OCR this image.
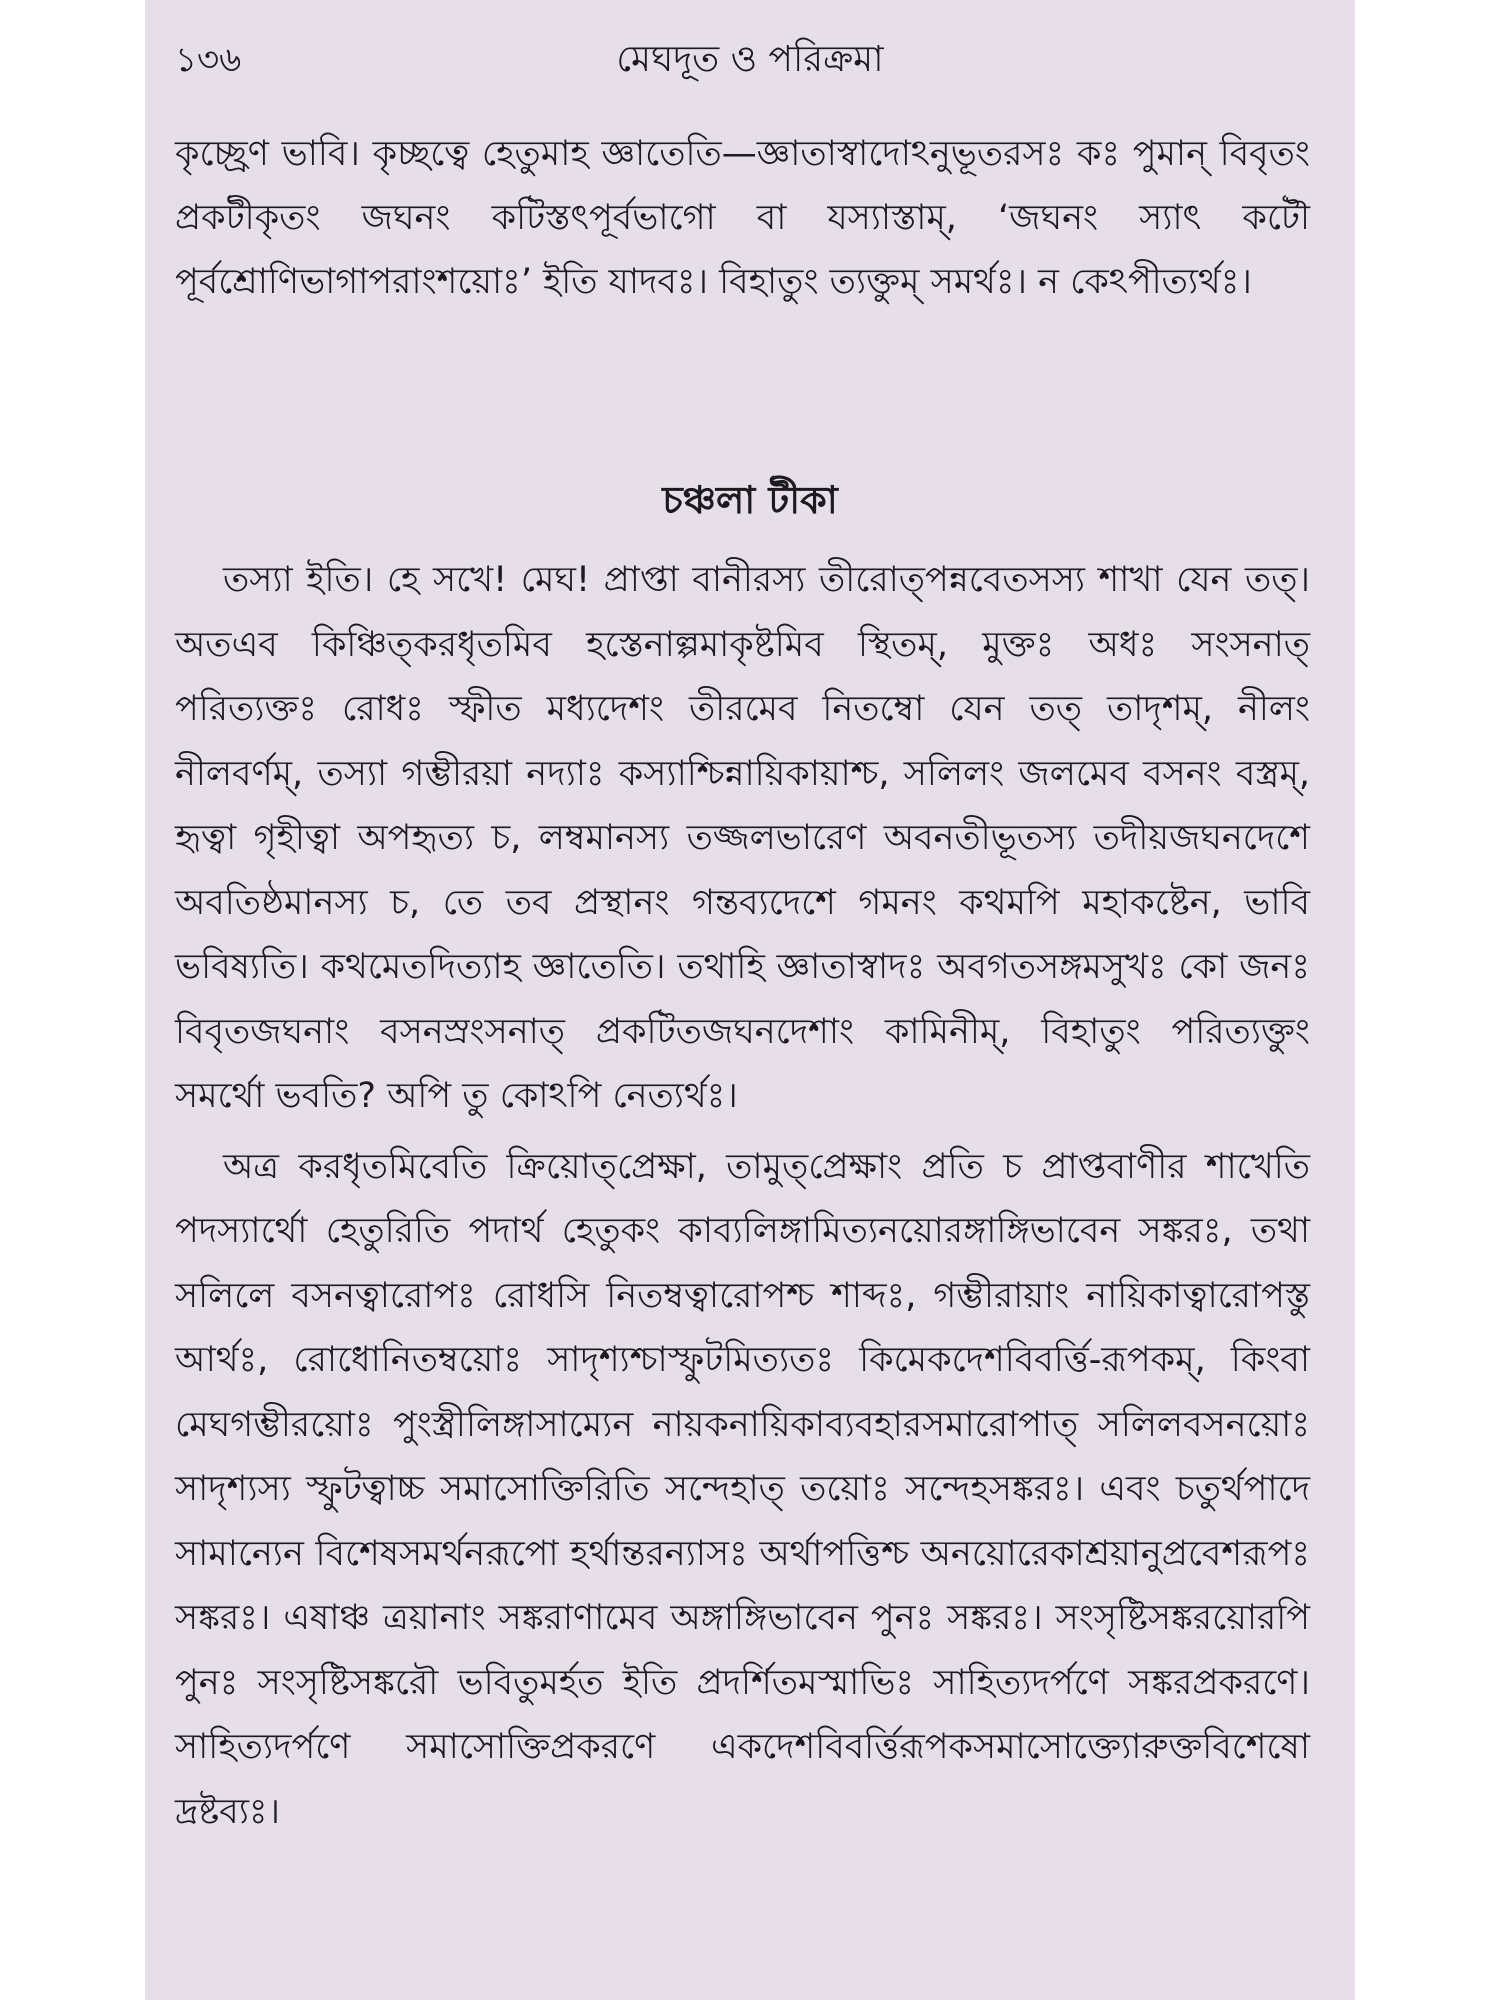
১৩৬	মেঘদূত ও পরিক্রমা
কৃচ্ছ্রেণ ভাবি। কৃচ্ছত্বে হেতুমাহ জ্ঞাতেতি—জ্ঞাতাস্বাদোঽনুভূতরসঃ কঃ পুমান্ বিবৃতং প্রকটীকৃতং জঘনং কটিস্তৎপূর্বভাগো বা যস্যাস্তাম্, ‘জঘনং স্যাৎ কটৌ পূর্বশ্রোণিভাগাপরাংশয়োঃ’ ইতি যাদবঃ। বিহাতুং ত্যক্তুম্ সমর্থঃ। ন কেঽপীত্যর্থঃ।
চঞ্চলা টীকা

তস্যা ইতি। হে সখে! মেঘ! প্রাপ্তা বানীরস্য তীরোত্‌পন্নবেতসস্য শাখা যেন তত্‌। অতএব কিঞ্চিত্‌করধৃতমিব হস্তেনাল্পমাকৃষ্টমিব স্থিতম্, মুক্তঃ অধঃ সংসনাত্‌ পরিত্যক্তঃ রোধঃ স্ফীত মধ্যদেশং তীরমেব নিতম্বো যেন তত্‌ তাদৃশম্, নীলং নীলবর্ণম্, তস্যা গম্ভীরয়া নদ্যাঃ কস্যাশ্চিন্নায়িকায়াশ্চ, সলিলং জলমেব বসনং বস্ত্রম্, হৃত্বা গৃহীত্বা অপহৃত্য চ, লম্বমানস্য তজ্জলভারেণ অবনতীভূতস্য তদীয়জঘনদেশে অবতিষ্ঠমানস্য চ, তে তব প্রস্থানং গন্তব্যদেশে গমনং কথমপি মহাকষ্টেন, ভাবি ভবিষ্যতি। কথমেতদিত্যাহ জ্ঞাতেতি। তথাহি জ্ঞাতাস্বাদঃ অবগতসঙ্গমসুখঃ কো জনঃ বিবৃতজঘনাং বসনস্রংসনাত্‌ প্রকটিতজঘনদেশাং কামিনীম্, বিহাতুং পরিত্যক্তুং সমর্থো ভবতি? অপি তু কোঽপি নেত্যর্থঃ।

অত্র করধৃতমিবেতি ক্রিয়োত্‌প্রেক্ষা, তামুত্‌প্রেক্ষাং প্রতি চ প্রাপ্তবাণীর শাখেতি পদস্যার্থো হেতুরিতি পদার্থ হেতুকং কাব্যলিঙ্গামিত্যনয়োরঙ্গাঙ্গিভাবেন সঙ্করঃ, তথা সলিলে বসনত্বারোপঃ রোধসি নিতম্বত্বারোপশ্চ শাব্দঃ, গম্ভীরায়াং নায়িকাত্বারোপস্তু আর্থঃ, রোধোনিতম্বয়োঃ সাদৃশ্যশ্চাস্ফুটমিত্যতঃ কিমেকদেশবিবর্ত্তি-রূপকম্, কিংবা মেঘগম্ভীরয়োঃ পুংস্ত্রীলিঙ্গাসাম্যেন নায়কনায়িকাব্যবহারসমারোপাত্‌ সলিলবসনয়োঃ সাদৃশ্যস্য স্ফুটত্বাচ্চ সমাসোক্তিরিতি সন্দেহাত্‌ তয়োঃ সন্দেহসঙ্করঃ। এবং চতুর্থপাদে সামান্যেন বিশেষসমর্থনরূপো হর্থান্তরন্যাসঃ অর্থাপত্তিশ্চ অনয়োরেকাশ্রয়ানুপ্রবেশরূপঃ সঙ্করঃ। এষাঞ্চ ত্রয়ানাং সঙ্করাণামেব অঙ্গাঙ্গিভাবেন পুনঃ সঙ্করঃ। সংসৃষ্টিসঙ্করয়োরপি পুনঃ সংসৃষ্টিসঙ্করৌ ভবিতুমর্হত ইতি প্রদর্শিতমস্মাভিঃ সাহিত্যদর্পণে সঙ্করপ্রকরণে। সাহিত্যদর্পণে সমাসোক্তিপ্রকরণে একদেশবিবর্ত্তিরূপকসমাসোক্ত্যোরুক্তবিশেষো দ্রষ্টব্যঃ।
